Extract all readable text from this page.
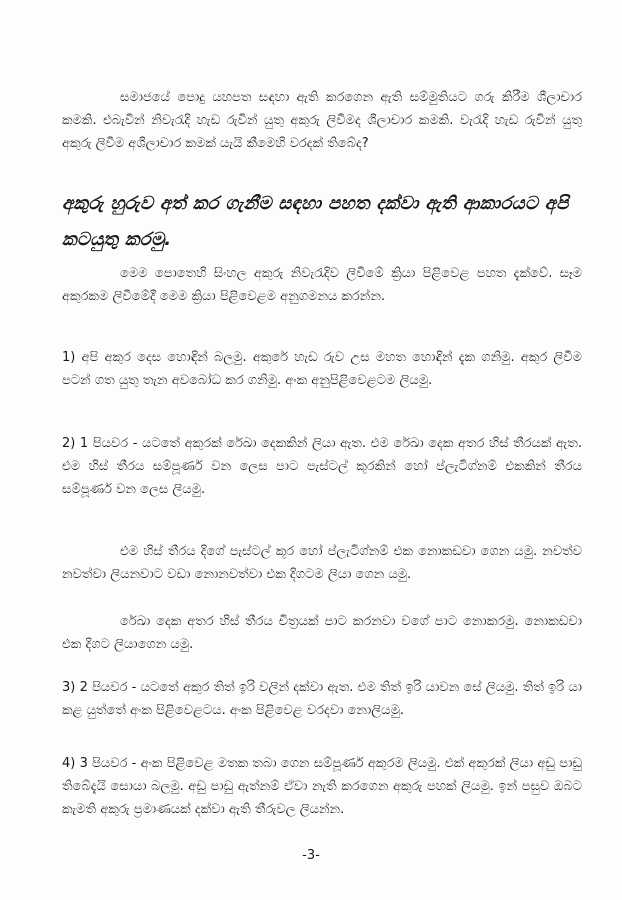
සමාජයේ පොදු යහපත සඳහා ඇති කරගෙන ඇති සම්මුතියට ගරු කිරීම ශීලාචාර කමකි. එබැවින් නිවැරැදි හැඩ රුවින් යුතු අකුරු ලිවීමද ශීලාචාර කමකි. වැරැදි හැඩ රුවින් යුතු අකුරු ලිවීම අශීලාචාර කමක් යැයි කීමෙහි වරදක් තිබේද?

අකුරු හුරුව අත් කර ගැනීම සඳහා පහත දක්වා ඇති ආකාරයට අපි කටයුතු කරමු.

මෙම පොතෙහි සිංහල අකුරු නිවැරැදිව ලිවීමේ ක්‍රියා පිළිවෙළ පහත දැක්වේ. සෑම අකුරකම ලිවීමේදී මෙම ක්‍රියා පිළිවෙළම අනුගමනය කරන්න.

1) අපි අකුර දෙස හොඳින් බලමු. අකුරේ හැඩ රුව උස මහත හොඳින් දැක ගනිමු. අකුර ලිවීම පටන් ගත යුතු තැන අවබෝධ කර ගනිමු. අංක අනුපිළිවෙළටම ලියමු.

2) 1 පියවර - යටතේ අකුරක් රේඛා දෙකකින් ලියා ඇත. එම රේඛා දෙක අතර හිස් තීරයක් ඇත. එම හිස් තීරය සම්පූර්ණ වන ලෙස පාට පැස්ටල් කූරකින් හෝ ප්ලැටිග්නම් එකකින් තීරය සම්පූර්ණ වන ලෙස ලියමු.

එම හිස් තීරය දිගේ පැස්ටල් කූර හෝ ප්ලැටිග්නම් එක නොකඩවා ගෙන යමු. නවත්ව නවත්වා ලියනවාට වඩා නොනවත්වා එක දිගටම ලියා ගෙන යමු.

රේඛා දෙක අතර හිස් තීරය චිත්‍රයක් පාට කරනවා වගේ පාට නොකරමු. නොකඩවා එක දිගට ලියාගෙන යමු.

3) 2 පියවර - යටතේ අකුර තිත් ඉරි වලින් දක්වා ඇත. එම තිත් ඉරි යාවන සේ ලියමු. තිත් ඉරි යා කළ යුත්තේ අංක පිළිවෙළටය. අංක පිළිවෙළ වරදවා නොලියමු.

4) 3 පියවර - අංක පිළිවෙළ මතක තබා ගෙන සම්පූර්ණ අකුරම ලියමු. එක් අකුරක් ලියා අඩු පාඩු තිබේදැයි සොයා බලමු. අඩු පාඩු ඇත්නම් ඒවා නැති කරගෙන අකුරු පහක් ලියමු. ඉන් පසුව ඔබට කැමති අකුරු ප්‍රමාණයක් දක්වා ඇති තීරුවල ලියන්න.

-3-
